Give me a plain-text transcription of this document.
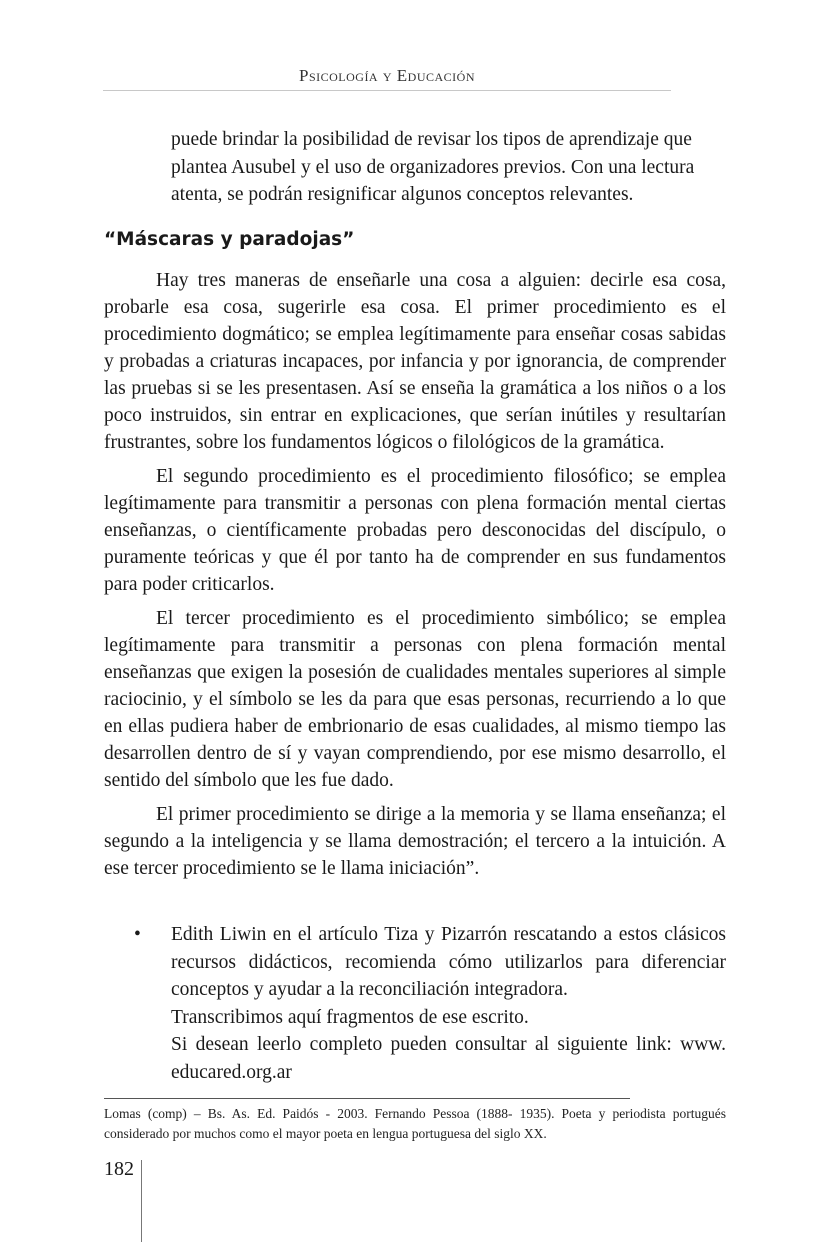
Psicología y Educación
puede brindar la posibilidad de revisar los tipos de aprendizaje que
plantea Ausubel y el uso de organizadores previos. Con una lectura
atenta, se podrán resignificar algunos conceptos relevantes.
“Máscaras y paradojas”

Hay tres maneras de enseñarle una cosa a alguien: decirle esa cosa, probarle esa cosa, sugerirle esa cosa. El primer procedimiento es el procedimiento dogmático; se emplea legítimamente para enseñar cosas sabidas y probadas a criaturas incapaces, por infancia y por ignorancia, de comprender las pruebas si se les presentasen. Así se enseña la gramática a los niños o a los poco instruidos, sin entrar en explicaciones, que serían inútiles y resultarían frustrantes, sobre los fundamentos lógicos o filológicos de la gramática.

El segundo procedimiento es el procedimiento filosófico; se emplea legítimamente para transmitir a personas con plena formación mental ciertas enseñanzas, o científicamente probadas pero desconocidas del discípulo, o puramente teóricas y que él por tanto ha de comprender en sus fundamentos para poder criticarlos.

El tercer procedimiento es el procedimiento simbólico; se emplea legítimamente para transmitir a personas con plena formación mental enseñanzas que exigen la posesión de cualidades mentales superiores al simple raciocinio, y el símbolo se les da para que esas personas, recurriendo a lo que en ellas pudiera haber de embrionario de esas cualidades, al mismo tiempo las desarrollen dentro de sí y vayan comprendiendo, por ese mismo desarrollo, el sentido del símbolo que les fue dado.

El primer procedimiento se dirige a la memoria y se llama enseñanza; el segundo a la inteligencia y se llama demostración; el tercero a la intuición. A ese tercer procedimiento se le llama iniciación”.

•	Edith Liwin en el artículo Tiza y Pizarrón rescatando a estos clásicos
recursos didácticos, recomienda cómo utilizarlos para diferenciar
conceptos y ayudar a la reconciliación integradora.
Transcribimos aquí fragmentos de ese escrito.
Si desean leerlo completo pueden consultar al siguiente link: www.
educared.org.ar
Lomas (comp) – Bs. As. Ed. Paidós - 2003. Fernando Pessoa (1888- 1935). Poeta y periodista portugués considerado por muchos como el mayor poeta en lengua portuguesa del siglo XX.
182
